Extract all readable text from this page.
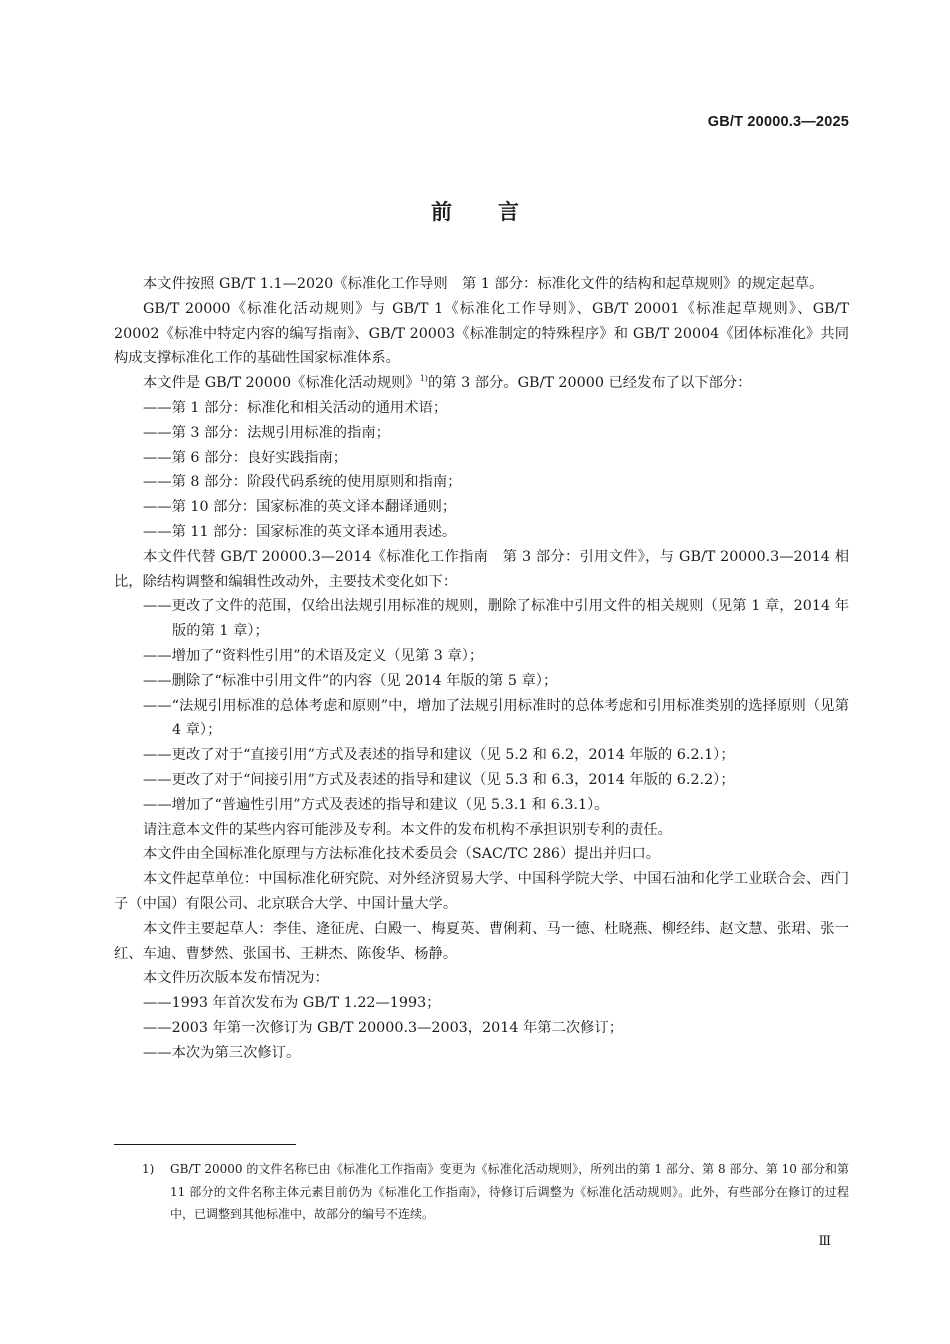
GB/T 20000.3—2025
前言

本文件按照 GB/T 1.1—2020《标准化工作导则　第 1 部分：标准化文件的结构和起草规则》的规定起草。

GB/T 20000《标准化活动规则》与 GB/T 1《标准化工作导则》、GB/T 20001《标准起草规则》、GB/T 20002《标准中特定内容的编写指南》、GB/T 20003《标准制定的特殊程序》和 GB/T 20004《团体标准化》共同构成支撑标准化工作的基础性国家标准体系。

本文件是 GB/T 20000《标准化活动规则》$^{1)}$的第 3 部分。GB/T 20000 已经发布了以下部分：

——第 1 部分：标准化和相关活动的通用术语；

——第 3 部分：法规引用标准的指南；

——第 6 部分：良好实践指南；

——第 8 部分：阶段代码系统的使用原则和指南；

——第 10 部分：国家标准的英文译本翻译通则；

——第 11 部分：国家标准的英文译本通用表述。

本文件代替 GB/T 20000.3—2014《标准化工作指南　第 3 部分：引用文件》，与 GB/T 20000.3—2014 相比，除结构调整和编辑性改动外，主要技术变化如下：

——更改了文件的范围，仅给出法规引用标准的规则，删除了标准中引用文件的相关规则（见第 1 章，2014 年版的第 1 章）；

——增加了“资料性引用”的术语及定义（见第 3 章）；

——删除了“标准中引用文件”的内容（见 2014 年版的第 5 章）；

——“法规引用标准的总体考虑和原则”中，增加了法规引用标准时的总体考虑和引用标准类别的选择原则（见第 4 章）；

——更改了对于“直接引用”方式及表述的指导和建议（见 5.2 和 6.2，2014 年版的 6.2.1）；

——更改了对于“间接引用”方式及表述的指导和建议（见 5.3 和 6.3，2014 年版的 6.2.2）；

——增加了“普遍性引用”方式及表述的指导和建议（见 5.3.1 和 6.3.1）。

请注意本文件的某些内容可能涉及专利。本文件的发布机构不承担识别专利的责任。

本文件由全国标准化原理与方法标准化技术委员会（SAC/TC 286）提出并归口。

本文件起草单位：中国标准化研究院、对外经济贸易大学、中国科学院大学、中国石油和化学工业联合会、西门子（中国）有限公司、北京联合大学、中国计量大学。

本文件主要起草人：李佳、逄征虎、白殿一、梅夏英、曹俐莉、马一德、杜晓燕、柳经纬、赵文慧、张珺、张一红、车迪、曹梦然、张国书、王耕杰、陈俊华、杨静。

本文件历次版本发布情况为：

——1993 年首次发布为 GB/T 1.22—1993；

——2003 年第一次修订为 GB/T 20000.3—2003，2014 年第二次修订；

——本次为第三次修订。

1) GB/T 20000 的文件名称已由《标准化工作指南》变更为《标准化活动规则》，所列出的第 1 部分、第 8 部分、第 10 部分和第 11 部分的文件名称主体元素目前仍为《标准化工作指南》，待修订后调整为《标准化活动规则》。此外，有些部分在修订的过程中，已调整到其他标准中，故部分的编号不连续。
Ⅲ
